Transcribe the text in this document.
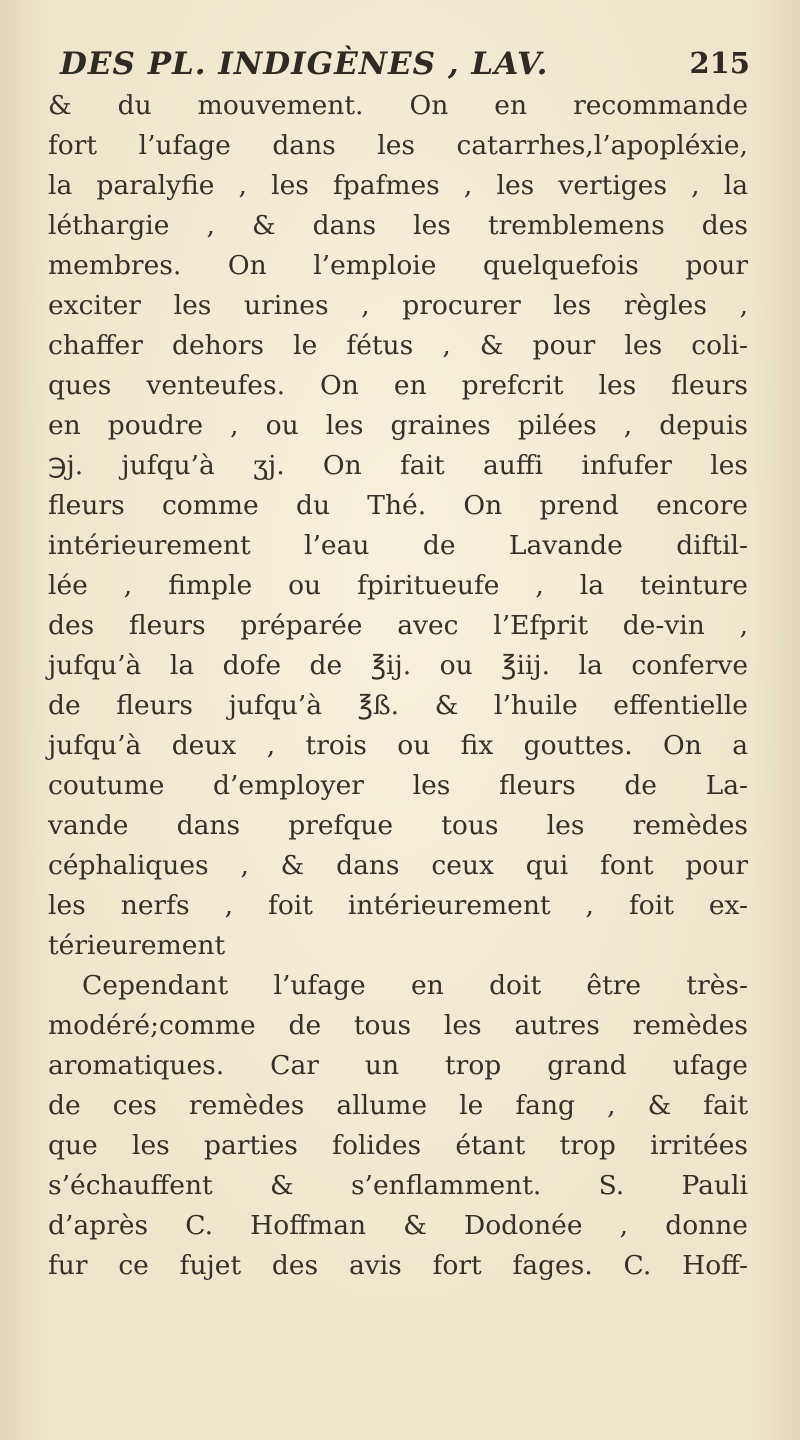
DES PL. INDIGÈNES , LAV.	215
& du mouvement. On en recommande
fort l’ufage dans les catarrhes,l’apopléxie,
la paralyfie , les fpafmes , les vertiges , la
léthargie , & dans les tremblemens des
membres. On l’emploie quelquefois pour
exciter les urines , procurer les règles ,
chaffer dehors le fétus , & pour les coli-
ques venteufes. On en prefcrit les fleurs
en poudre , ou les graines pilées , depuis
℈j. jufqu’à ʒj. On fait auffi infufer les
fleurs comme du Thé. On prend encore
intérieurement l’eau de Lavande diftil-
lée , fimple ou fpiritueufe , la teinture
des fleurs préparée avec l’Efprit de-vin ,
jufqu’à la dofe de ℥ij. ou ℥iij. la conferve
de fleurs jufqu’à ℥ß. & l’huile effentielle
jufqu’à deux , trois ou fix gouttes. On a
coutume d’employer les fleurs de La-
vande dans prefque tous les remèdes
céphaliques , & dans ceux qui font pour
les nerfs , foit intérieurement , foit ex-
térieurement
Cependant l’ufage en doit être très-
modéré;comme de tous les autres remèdes
aromatiques. Car un trop grand ufage
de ces remèdes allume le fang , & fait
que les parties folides étant trop irritées
s’échauffent & s’enflamment. S. Pauli
d’après C. Hoffman & Dodonée , donne
fur ce fujet des avis fort fages. C. Hoff-
